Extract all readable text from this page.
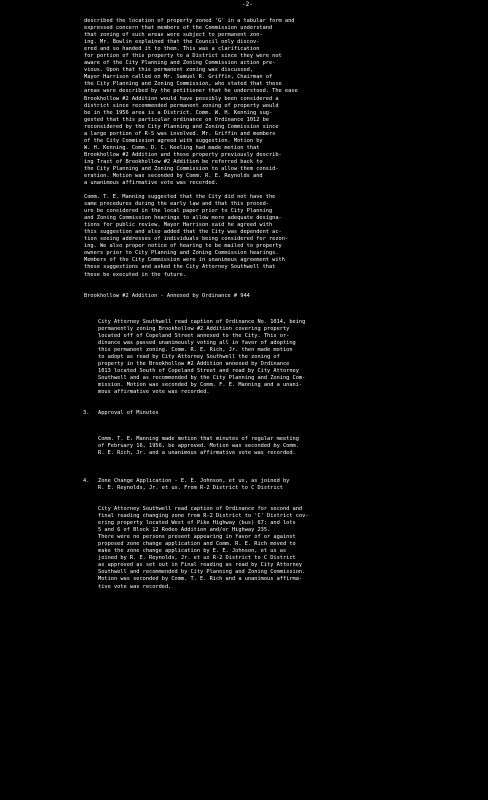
-2-
described the location of property zoned 'G' in a tabular form and
expressed concern that members of the Commission understand
that zoning of such areas were subject to permanent zon-
ing. Mr. Bowlin explained that the Council only discov-
ered and so handed it to them. This was a clarification
for portion of this property to a District since they were not
aware of the City Planning and Zoning Commission action pre-
vious. Upon that this permanent zoning was discussed,
Mayor Harrison called on Mr. Samuel R. Griffin, Chairman of
the City Planning and Zoning Commission, who stated that these
areas were described by the petitioner that he understood. The ease
Brookhollow #2 Addition would have possibly been considered a
district since recommended permanent zoning of property would
be in the 1956 area is a District. Comm. W. H. Kenning sug-
gested that this particular ordinance on Ordinance 1012 be
reconsidered by the City Planning and Zoning Commission since
a large portion of R-5 was involved. Mr. Griffin and members
of the City Commission agreed with suggestion. Motion by
W. H. Kenning. Comm. D. C. Keeling had made motion that
Brookhollow #2 Addition and those property previously describ-
ing Tract of Brookhollow #2 Addition be referred back to
the City Planning and Zoning Commission to allow them consid-
eration. Motion was seconded by Comm. R. E. Reynolds and
a unanimous affirmative vote was recorded.
Comm. T. E. Manning suggested that the City did not have the
same procedures during the early law and that this proced-
ure be considered in the local paper prior to City Planning
and Zoning Commission hearings to allow more adequate designa-
tions for public review. Mayor Harrison said he agreed with
this suggestion and also added that the City was dependent ac-
tion seeing addresses of individuals being considered for rezon-
ing. We also proper notice of hearing to be mailed to property
owners prior to City Planning and Zoning Commission hearings.
Members of the City Commission were in unanimous agreement with
these suggestions and asked the City Attorney Southwell that
these be executed in the future.
Brookhollow #2 Addition - Annexed by Ordinance # 944
City Attorney Southwell read caption of Ordinance No. 1014, being
permanently zoning Brookhollow #2 Addition covering property
located off of Copeland Street annexed to the City. This or-
dinance was passed unanimously voting all in favor of adopting
this permanent zoning. Comm. R. E. Rich, Jr. then made motion
to adopt as read by City Attorney Southwell the zoning of
property in the Brookhollow #2 Addition annexed by Ordinance
1013 located South of Copeland Street and read by City Attorney
Southwell and as recommended by the City Planning and Zoning Com-
mission. Motion was seconded by Comm. F. E. Manning and a unani-
mous affirmative vote was recorded.
3. Approval of Minutes
Comm. T. E. Manning made motion that minutes of regular meeting
of February 16, 1956, be approved. Motion was seconded by Comm.
R. E. Rich, Jr. and a unanimous affirmative vote was recorded.
4. Zone Change Application - E. E. Johnson, et ux, as joined by
R. E. Reynolds, Jr. et ux. From R-2 District to C District
City Attorney Southwell read caption of Ordinance for second and
final reading changing zone from R-2 District to 'C' District cov-
ering property located West of Pike Highway (bus) 67; and lots
5 and 6 of Block 12 Rodeo Addition and/or Highway 235.
There were no persons present appearing in favor of or against
proposed zone change application and Comm. R. E. Rich moved to
make the zone change application by E. E. Johnson, et ux as
joined by R. E. Reynolds, Jr. et ux R-2 District to C District
as approved as set out in Final reading as read by City Attorney
Southwell and recommended by City Planning and Zoning Commission.
Motion was seconded by Comm. T. E. Rich and a unanimous affirma-
tive vote was recorded.
